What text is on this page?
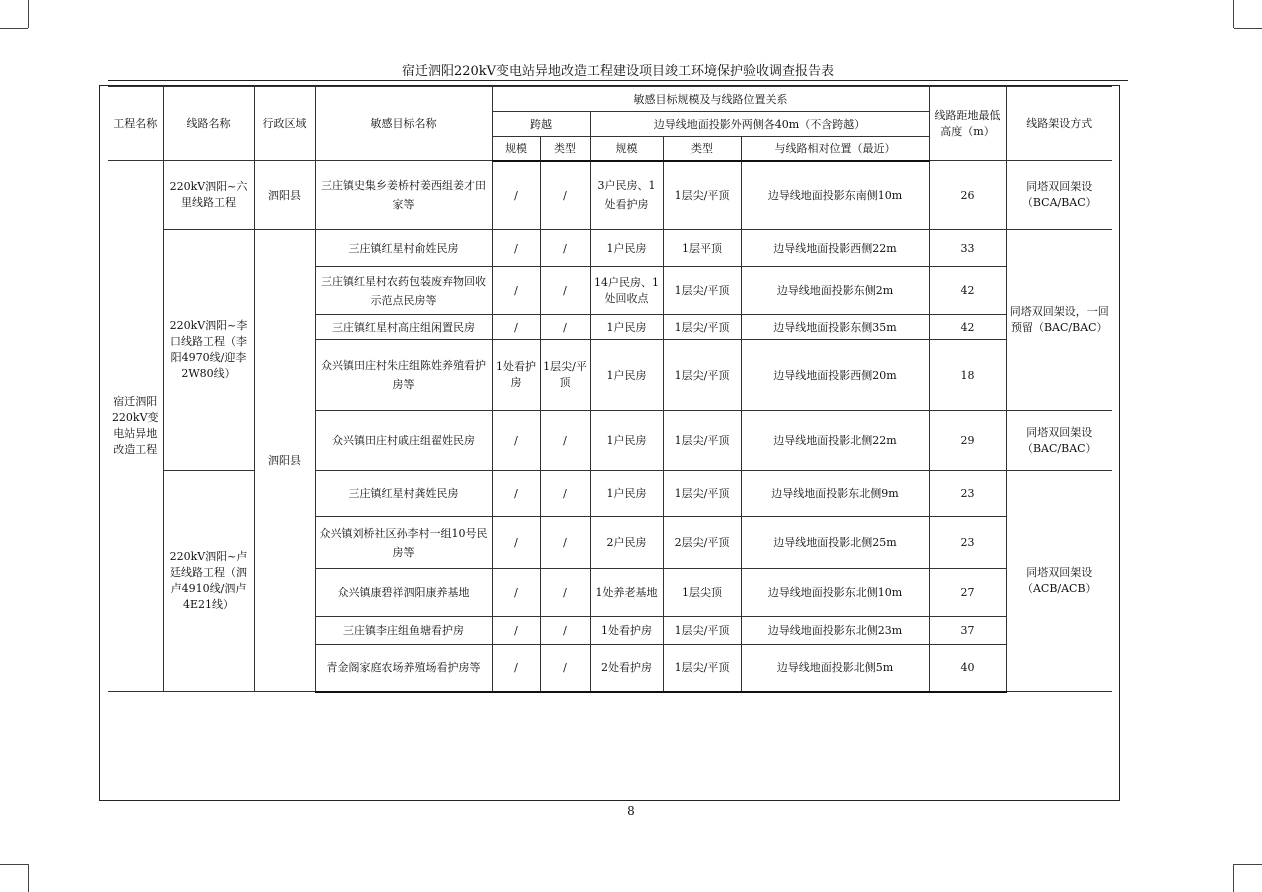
宿迁泗阳220kV变电站异地改造工程建设项目竣工环境保护验收调查报告表
工程名称	线路名称	行政区域	敏感目标名称	敏感目标规模及与线路位置关系					线路距地最低高度（m）	线路架设方式
				跨越		边导线地面投影外两侧各40m（不含跨越）				
				规模	类型	规模	类型	与线路相对位置（最近）		
宿迁泗阳220kV变电站异地改造工程	220kV泗阳~六里线路工程	泗阳县	三庄镇史集乡姜桥村姜西组姜才田家等	/	/	3户民房、1处看护房	1层尖/平顶	边导线地面投影东南侧10m	26	同塔双回架设（BCA/BAC）
	220kV泗阳~李口线路工程（李阳4970线/迎李2W80线）	泗阳县	三庄镇红星村俞姓民房	/	/	1户民房	1层平顶	边导线地面投影西侧22m	33	同塔双回架设，一回预留（BAC/BAC）
			三庄镇红星村农药包装废弃物回收示范点民房等	/	/	14户民房、1处回收点	1层尖/平顶	边导线地面投影东侧2m	42	
			三庄镇红星村高庄组闲置民房	/	/	1户民房	1层尖/平顶	边导线地面投影东侧35m	42	
			众兴镇田庄村朱庄组陈姓养殖看护房等	1处看护房	1层尖/平顶	1户民房	1层尖/平顶	边导线地面投影西侧20m	18	
			众兴镇田庄村戚庄组翟姓民房	/	/	1户民房	1层尖/平顶	边导线地面投影北侧22m	29	同塔双回架设（BAC/BAC）
	220kV泗阳~卢廷线路工程（泗卢4910线/泗卢4E21线）		三庄镇红星村龚姓民房	/	/	1户民房	1层尖/平顶	边导线地面投影东北侧9m	23	同塔双回架设（ACB/ACB）
			众兴镇刘桥社区孙李村一组10号民房等	/	/	2户民房	2层尖/平顶	边导线地面投影北侧25m	23	
			众兴镇康碧祥泗阳康养基地	/	/	1处养老基地	1层尖顶	边导线地面投影东北侧10m	27	
			三庄镇李庄组鱼塘看护房	/	/	1处看护房	1层尖/平顶	边导线地面投影东北侧23m	37	
			青金阁家庭农场养殖场看护房等	/	/	2处看护房	1层尖/平顶	边导线地面投影北侧5m	40	
8
